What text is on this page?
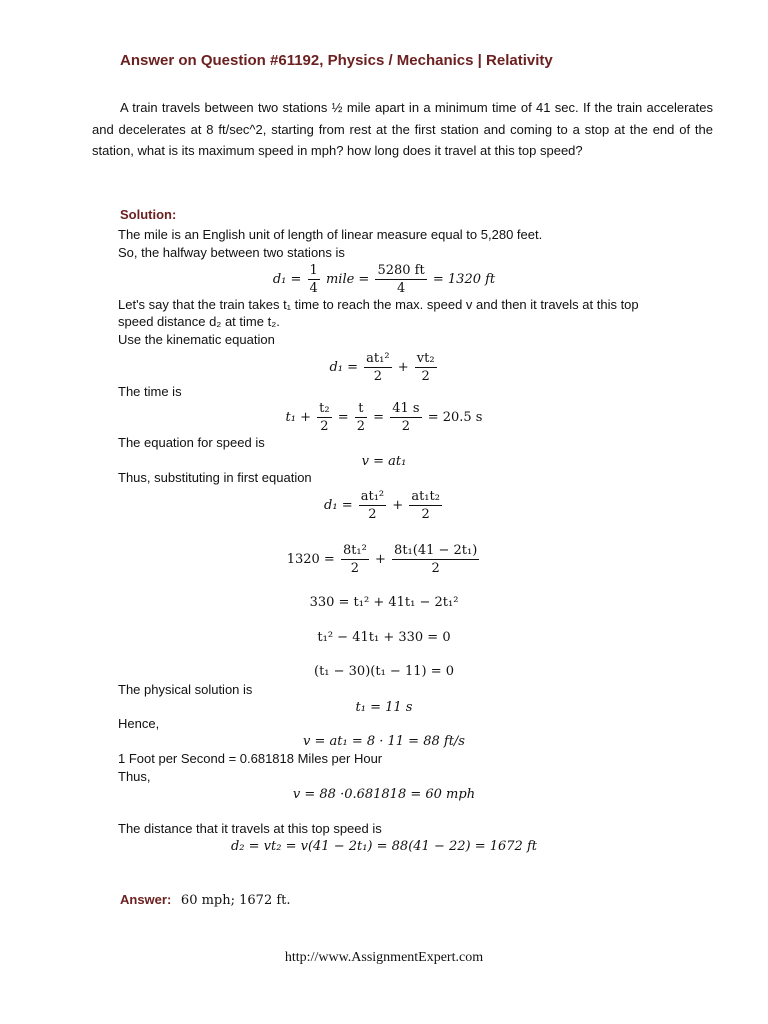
Answer on Question #61192, Physics / Mechanics | Relativity
A train travels between two stations ½ mile apart in a minimum time of 41 sec. If the train accelerates and decelerates at 8 ft/sec^2, starting from rest at the first station and coming to a stop at the end of the station, what is its maximum speed in mph? how long does it travel at this top speed?
Solution:
The mile is an English unit of length of linear measure equal to 5,280 feet.
So, the halfway between two stations is
$d_1 = \frac{1}{4}$ mile = $\frac{5280 ft}{4} = 1320$ ft
Let's say that the train takes t₁ time to reach the max. speed v and then it travels at this top
speed distance d₂ at time t₂.
Use the kinematic equation
$d_1 = \frac{\text{at₁²}}{2} + \frac{\text{vt₂}}{2}$
The time is
$t_1 + \frac{\text{t₂}}{2} = \frac{t}{2} = \frac{41 s}{2} = 20.5$ s
The equation for speed is
v = at₁
Thus, substituting in first equation
$d_1 = \frac{\text{at₁²}}{2} + \frac{\text{at₁t₂}}{2}$
$1320 = \frac{\text{8t₁²}}{2} + \frac{\text{8t₁(41 − 2t₁)}}{2}$
330 = t₁² + 41t₁ − 2t₁²
t₁² − 41t₁ + 330 = 0
(t₁ − 30)(t₁ − 11) = 0
The physical solution is
t₁ = 11 s
Hence,
v = at₁ = 8 · 11 = 88 ft/s
1 Foot per Second = 0.681818 Miles per Hour
Thus,
v = 88 ·0.681818 = 60 mph
The distance that it travels at this top speed is
d₂ = vt₂ = v(41 − 2t₁) = 88(41 − 22) = 1672 ft
Answer: 60 mph; 1672 ft.
http://www.AssignmentExpert.com
